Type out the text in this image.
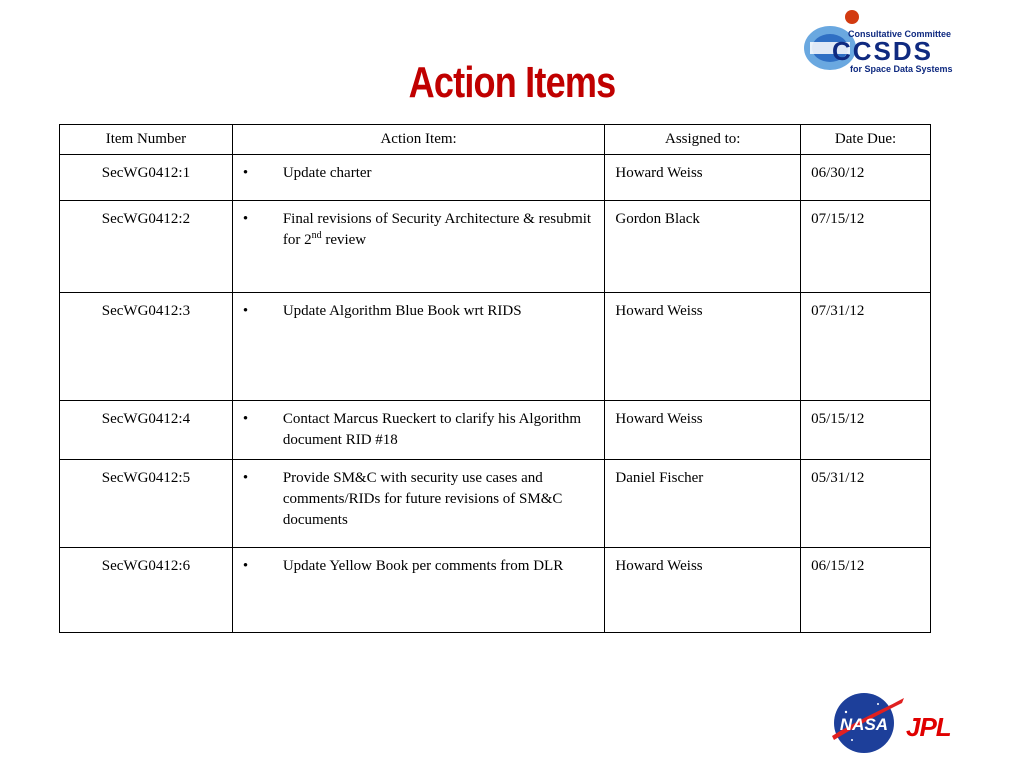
Action Items
CCSDS
Consultative Committee
for Space Data Systems
Item Number	Action Item:	Assigned to:	Date Due:
SecWG0412:1	• Update charter	Howard Weiss	06/30/12
SecWG0412:2	• Final revisions of Security Architecture & resubmit for 2nd review	Gordon Black	07/15/12
SecWG0412:3	• Update Algorithm Blue Book wrt RIDS	Howard Weiss	07/31/12
SecWG0412:4	• Contact Marcus Rueckert to clarify his Algorithm document RID #18	Howard Weiss	05/15/12
SecWG0412:5	• Provide SM&C with security use cases and comments/RIDs for future revisions of SM&C documents	Daniel Fischer	05/31/12
SecWG0412:6	• Update Yellow Book per comments from DLR	Howard Weiss	06/15/12
NASA JPL
